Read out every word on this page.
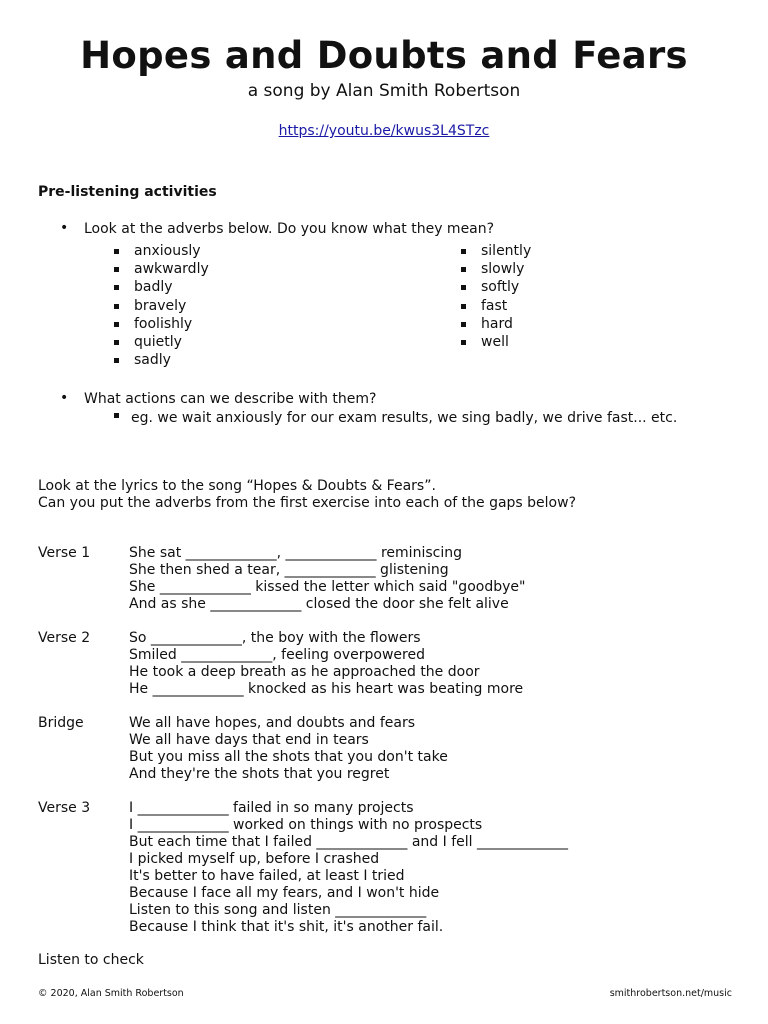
Hopes and Doubts and Fears
a song by Alan Smith Robertson
https://youtu.be/kwus3L4STzc
Pre-listening activities
• Look at the adverbs below. Do you know what they mean?
anxiously
awkwardly
badly
bravely
foolishly
quietly
sadly
silently
slowly
softly
fast
hard
well
• What actions can we describe with them?
eg. we wait anxiously for our exam results, we sing badly, we drive fast... etc.
Look at the lyrics to the song “Hopes & Doubts & Fears”.
Can you put the adverbs from the first exercise into each of the gaps below?
Verse 1	She sat _____________, _____________ reminiscing
She then shed a tear, _____________ glistening
She _____________ kissed the letter which said "goodbye"
And as she _____________ closed the door she felt alive
Verse 2	So _____________, the boy with the flowers
Smiled _____________, feeling overpowered
He took a deep breath as he approached the door
He _____________ knocked as his heart was beating more
Bridge	We all have hopes, and doubts and fears
We all have days that end in tears
But you miss all the shots that you don't take
And they're the shots that you regret
Verse 3	I _____________ failed in so many projects
I _____________ worked on things with no prospects
But each time that I failed _____________ and I fell _____________
I picked myself up, before I crashed
It's better to have failed, at least I tried
Because I face all my fears, and I won't hide
Listen to this song and listen _____________
Because I think that it's shit, it's another fail.
Listen to check
© 2020, Alan Smith Robertson	smithrobertson.net/music
